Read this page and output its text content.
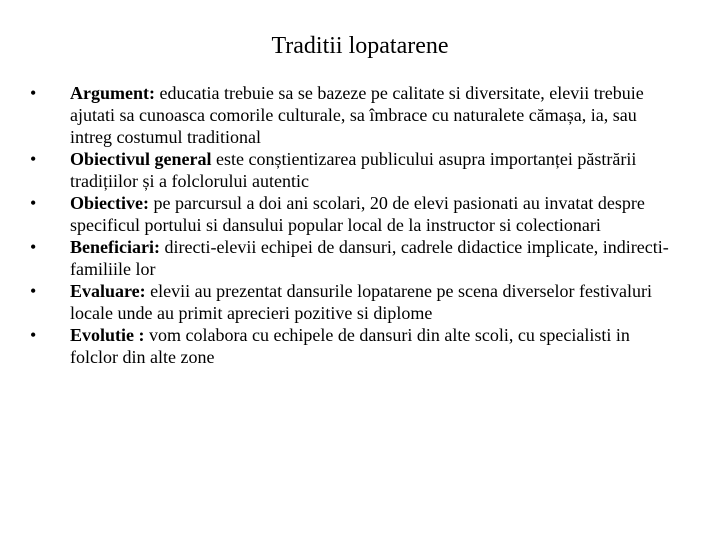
Traditii lopatarene
•	Argument: educatia trebuie sa se bazeze pe calitate si diversitate, elevii trebuie ajutati sa cunoasca comorile culturale, sa îmbrace cu naturalete cămașa, ia, sau intreg costumul traditional
•	Obiectivul general este conștientizarea publicului asupra importanței păstrării tradițiilor și a folclorului autentic
•	Obiective: pe parcursul a doi ani scolari, 20 de elevi pasionati au invatat despre specificul portului si dansului popular local de la instructor si colectionari
•	Beneficiari: directi-elevii echipei de dansuri, cadrele didactice implicate, indirecti- familiile lor
•	Evaluare: elevii au prezentat dansurile lopatarene pe scena diverselor festivaluri locale unde au primit aprecieri pozitive si diplome
•	Evolutie : vom colabora cu echipele de dansuri din alte scoli, cu specialisti in folclor din alte zone
